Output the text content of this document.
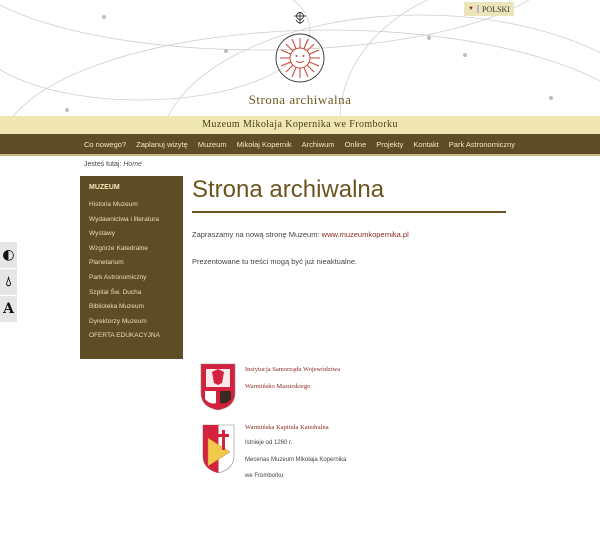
▼ POLSKI
Strona archiwalna
Muzeum Mikołaja Kopernika we Fromborku
Co nowego? Zaplanuj wizytę Muzeum Mikołaj Kopernik Archiwum Online Projekty Kontakt Park Astronomiczny
Jesteś tutaj: Home
◐
💧︎
A
MUZEUM
Historia Muzeum
Wydawnictwa i literatura
Wystawy
Wzgórze Katedralne
Planetarium
Park Astronomiczny
Szpital Św. Ducha
Biblioteka Muzeum
Dyrektorzy Muzeum
OFERTA EDUKACYJNA
Strona archiwalna

Zapraszamy na nową stronę Muzeum: www.muzeumkopernika.pl

Prezentowane tu treści mogą być już nieaktualne.

Instytucja Samorządu Województwa
Warmińsko Mazurskiego
Warmińska Kapituła Katedralna
Istnieje od 1260 r.
Mecenas Muzeum Mikołaja Kopernika
we Fromborku
